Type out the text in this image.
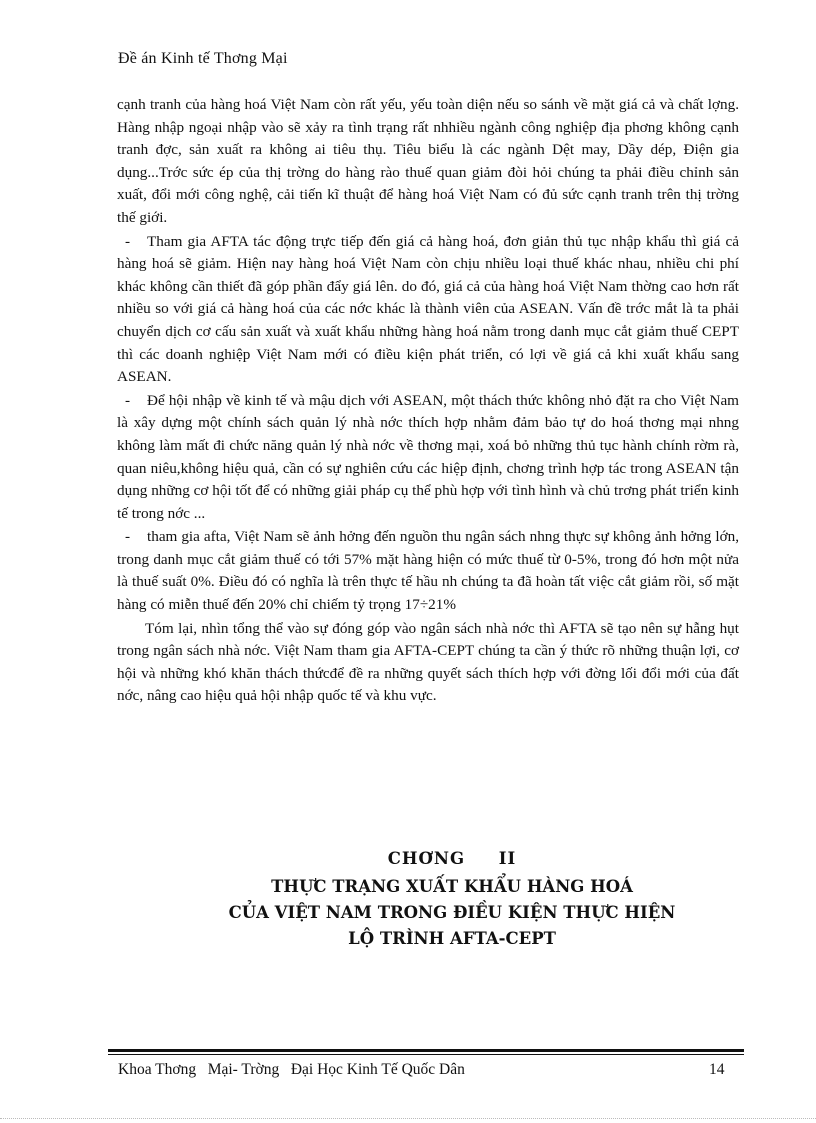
Đề án Kinh tế Thơng Mại

cạnh tranh của hàng hoá Việt Nam còn rất yếu, yếu toàn diện nếu so sánh về mặt giá cả và chất lợng. Hàng nhập ngoại nhập vào sẽ xảy ra tình trạng rất nhhiều ngành công nghiệp địa phơng không cạnh tranh đợc, sản xuất ra không ai tiêu thụ. Tiêu biểu là các ngành Dệt may, Dầy dép, Điện gia dụng...Trớc sức ép của thị trờng do hàng rào thuế quan giảm đòi hỏi chúng ta phải điều chỉnh sản xuất, đổi mới công nghệ, cải tiến kĩ thuật để hàng hoá Việt Nam có đủ sức cạnh tranh trên thị trờng thế giới.

- Tham gia AFTA tác động trực tiếp đến giá cả hàng hoá, đơn giản thủ tục nhập khẩu thì giá cả hàng hoá sẽ giảm. Hiện nay hàng hoá Việt Nam còn chịu nhiều loại thuế khác nhau, nhiều chi phí khác không cần thiết đã góp phần đẩy giá lên. do đó, giá cả của hàng hoá Việt Nam thờng cao hơn rất nhiều so với giá cả hàng hoá của các nớc khác là thành viên của ASEAN. Vấn đề trớc mắt là ta phải chuyển dịch cơ cấu sản xuất và xuất khẩu những hàng hoá nằm trong danh mục cắt giảm thuế CEPT thì các doanh nghiệp Việt Nam mới có điều kiện phát triển, có lợi về giá cả khi xuất khẩu sang ASEAN.

- Để hội nhập về kinh tế và mậu dịch với ASEAN, một thách thức không nhỏ đặt ra cho Việt Nam là xây dựng một chính sách quản lý nhà nớc thích hợp nhằm đảm bảo tự do hoá thơng mại nhng không làm mất đi chức năng quản lý nhà nớc về thơng mại, xoá bỏ những thủ tục hành chính rờm rà, quan niêu,không hiệu quả, cần có sự nghiên cứu các hiệp định, chơng trình hợp tác trong ASEAN tận dụng những cơ hội tốt để có những giải pháp cụ thể phù hợp với tình hình và chủ trơng phát triển kinh tế trong nớc ...

- tham gia afta, Việt Nam sẽ ảnh hởng đến nguồn thu ngân sách nhng thực sự không ảnh hởng lớn, trong danh mục cắt giảm thuế có tới 57% mặt hàng hiện có mức thuế từ 0-5%, trong đó hơn một nửa là thuế suất 0%. Điều đó có nghĩa là trên thực tế hầu nh chúng ta đã hoàn tất việc cắt giảm rồi, số mặt hàng có miễn thuế đến 20% chỉ chiếm tỷ trọng 17÷21%

Tóm lại, nhìn tổng thể vào sự đóng góp vào ngân sách nhà nớc thì AFTA sẽ tạo nên sự hẫng hụt trong ngân sách nhà nớc. Việt Nam tham gia AFTA-CEPT chúng ta cần ý thức rõ những thuận lợi, cơ hội và những khó khăn thách thứcđể đề ra những quyết sách thích hợp với đờng lối đổi mới của đất nớc, nâng cao hiệu quả hội nhập quốc tế và khu vực.

CHƠNG     II
THỰC TRẠNG XUẤT KHẨU HÀNG HOÁ
CỦA VIỆT NAM TRONG ĐIỀU KIỆN THỰC HIỆN
LỘ TRÌNH AFTA-CEPT
Khoa Thơng   Mại- Trờng   Đại Học Kinh Tế Quốc Dân	14
